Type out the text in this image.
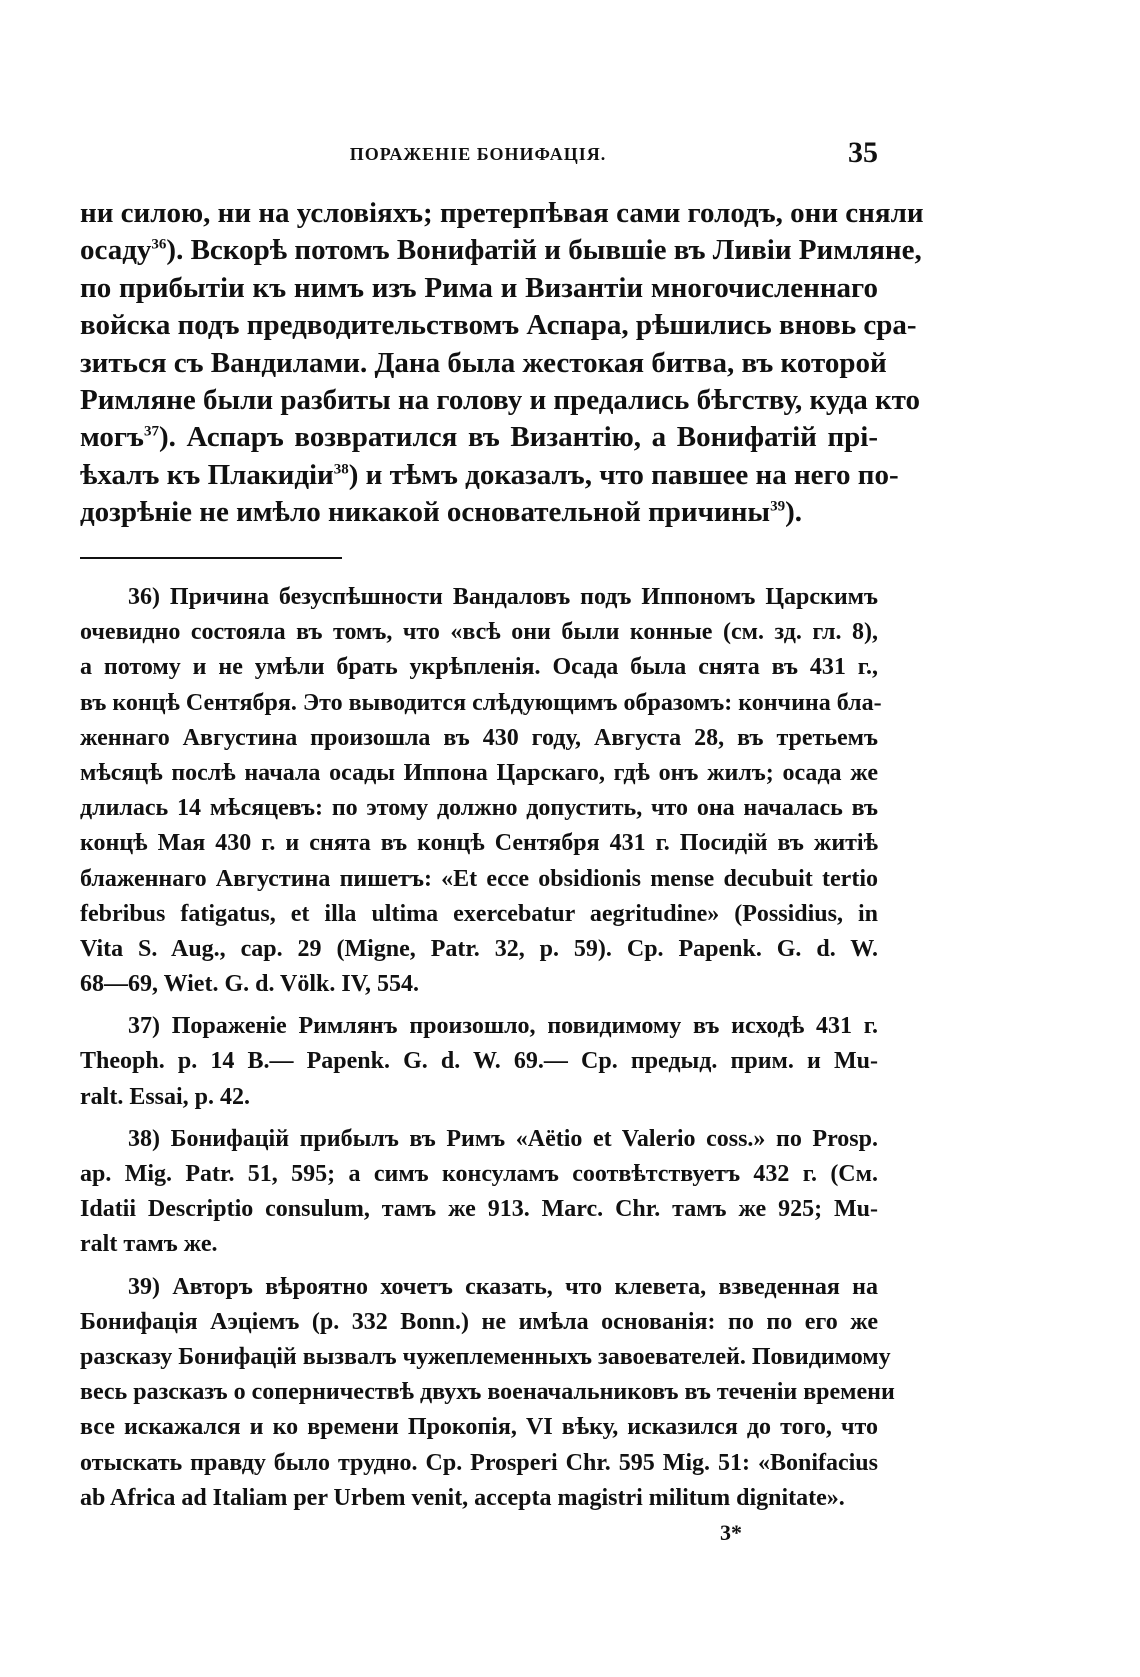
ПОРАЖЕНІЕ БОНИФАЦІЯ.	35
ни силою, ни на условіяхъ; претерпѣвая сами голодъ, они сняли
осаду$^{36}$). Вскорѣ потомъ Вонифатій и бывшіе въ Ливіи Римляне,
по прибытіи къ нимъ изъ Рима и Византіи многочисленнаго
войска подъ предводительствомъ Аспара, рѣшились вновь сра-
зиться съ Вандилами. Дана была жестокая битва, въ которой
Римляне были разбиты на голову и предались бѣгству, куда кто
могъ$^{37}$). Аспаръ возвратился въ Византію, а Вонифатій прі-
ѣхалъ къ Плакидіи$^{38}$) и тѣмъ доказалъ, что павшее на него по-
дозрѣніе не имѣло никакой основательной причины$^{39}$).
36) Причина безуспѣшности Вандаловъ подъ Иппономъ Царскимъ
очевидно состояла въ томъ, что «всѣ они были конные (см. зд. гл. 8),
а потому и не умѣли брать укрѣпленія. Осада была снята въ 431 г.,
въ концѣ Сентября. Это выводится слѣдующимъ образомъ: кончина бла-
женнаго Августина произошла въ 430 году, Августа 28, въ третьемъ
мѣсяцѣ послѣ начала осады Иппона Царскаго, гдѣ онъ жилъ; осада же
длилась 14 мѣсяцевъ: по этому должно допустить, что она началась въ
концѣ Мая 430 г. и снята въ концѣ Сентября 431 г. Посидій въ житіѣ
блаженнаго Августина пишетъ: «Et ecce obsidionis mense decubuit tertio
febribus fatigatus, et illa ultima exercebatur aegritudine» (Possidius, in
Vita S. Aug., cap. 29 (Migne, Patr. 32, p. 59). Cp. Papenk. G. d. W.
68—69, Wiet. G. d. Völk. IV, 554.
37) Пораженіе Римлянъ произошло, повидимому въ исходѣ 431 г.
Theoph. p. 14 B.— Papenk. G. d. W. 69.— Cp. предыд. прим. и Mu-
ralt. Essai, p. 42.
38) Бонифацій прибылъ въ Римъ «Aëtio et Valerio coss.» по Prosp.
ap. Mig. Patr. 51, 595; а симъ консуламъ соотвѣтствуетъ 432 г. (См.
Idatii Descriptio consulum, тамъ же 913. Marc. Chr. тамъ же 925; Mu-
ralt тамъ же.
39) Авторъ вѣроятно хочетъ сказать, что клевета, взведенная на
Бонифація Аэціемъ (р. 332 Bonn.) не имѣла основанія: по по его же
разсказу Бонифацій вызвалъ чужеплеменныхъ завоевателей. Повидимому
весь разсказъ о соперничествѣ двухъ военачальниковъ въ теченіи времени
все искажался и ко времени Прокопія, VI вѣку, исказился до того, что
отыскать правду было трудно. Cp. Prosperi Chr. 595 Mig. 51: «Bonifacius
ab Africa ad Italiam per Urbem venit, accepta magistri militum dignitate».
3*
